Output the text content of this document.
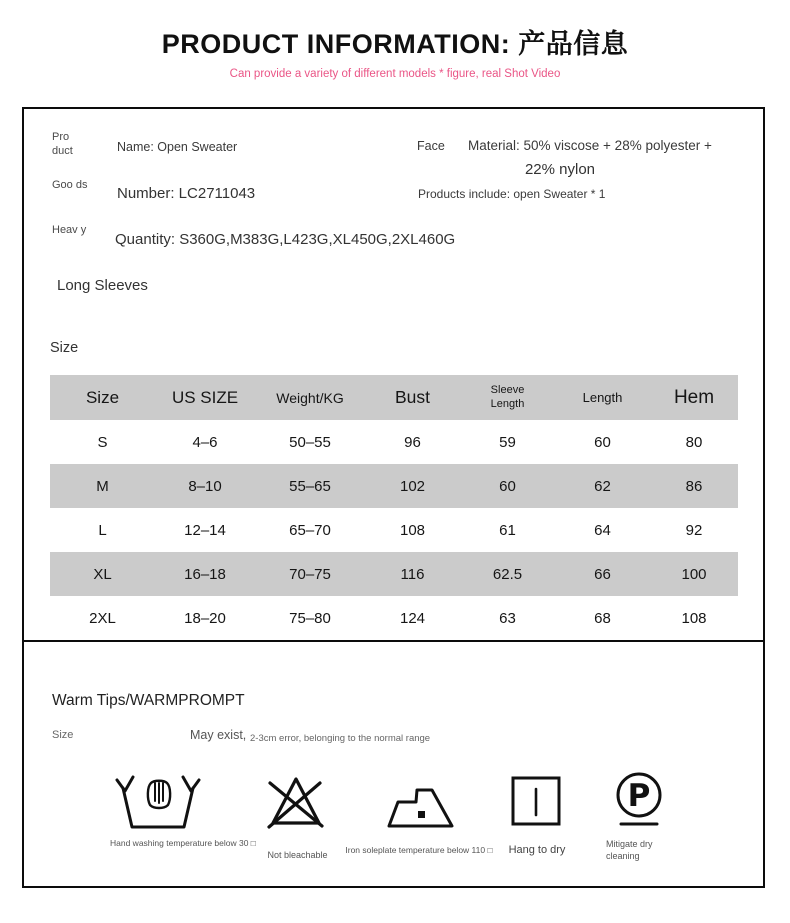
PRODUCT INFORMATION: 产品信息
Can provide a variety of different models * figure, real Shot Video
Pro duct	Name: Open Sweater	Face Material: 50% viscose + 28% polyester +
22% nylon
Goo ds Number: LC2711043	Products include: open Sweater * 1
Heav y
Quantity: S360G,M383G,L423G,XL450G,2XL460G
Long Sleeves
Size
Size	US SIZE	Weight/KG	Bust	Sleeve Length	Length	Hem
S	4–6	50–55	96	59	60	80
M	8–10	55–65	102	60	62	86
L	12–14	65–70	108	61	64	92
XL	16–18	70–75	116	62.5	66	100
2XL	18–20	75–80	124	63	68	108
Warm Tips/WARMPROMPT
Size	May exist, 2-3cm error, belonging to the normal range
Hand washing temperature below 30 □
Not bleachable	Iron soleplate temperature below 110 □	Hang to dry
P
Mitigate dry cleaning
